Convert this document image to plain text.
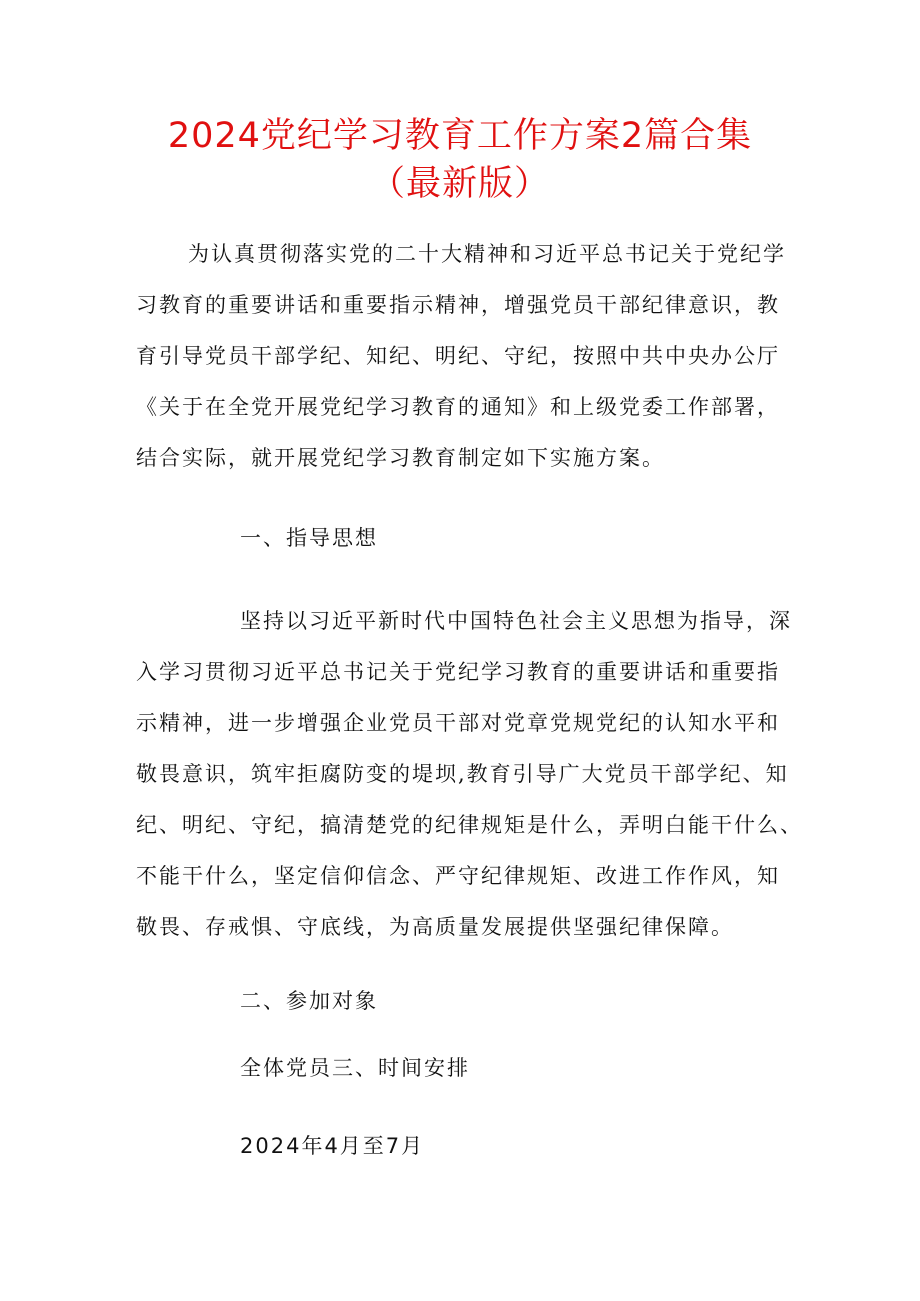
2024党纪学习教育工作方案2篇合集
（最新版）
为认真贯彻落实党的二十大精神和习近平总书记关于党纪学
习教育的重要讲话和重要指示精神，增强党员干部纪律意识，教
育引导党员干部学纪、知纪、明纪、守纪，按照中共中央办公厅
《关于在全党开展党纪学习教育的通知》和上级党委工作部署，
结合实际，就开展党纪学习教育制定如下实施方案。

一、指导思想

坚持以习近平新时代中国特色社会主义思想为指导，深
入学习贯彻习近平总书记关于党纪学习教育的重要讲话和重要指
示精神，进一步增强企业党员干部对党章党规党纪的认知水平和
敬畏意识，筑牢拒腐防变的堤坝,教育引导广大党员干部学纪、知
纪、明纪、守纪，搞清楚党的纪律规矩是什么，弄明白能干什么、
不能干什么，坚定信仰信念、严守纪律规矩、改进工作作风，知
敬畏、存戒惧、守底线，为高质量发展提供坚强纪律保障。

二、参加对象

全体党员三、时间安排

2024年4月至7月
